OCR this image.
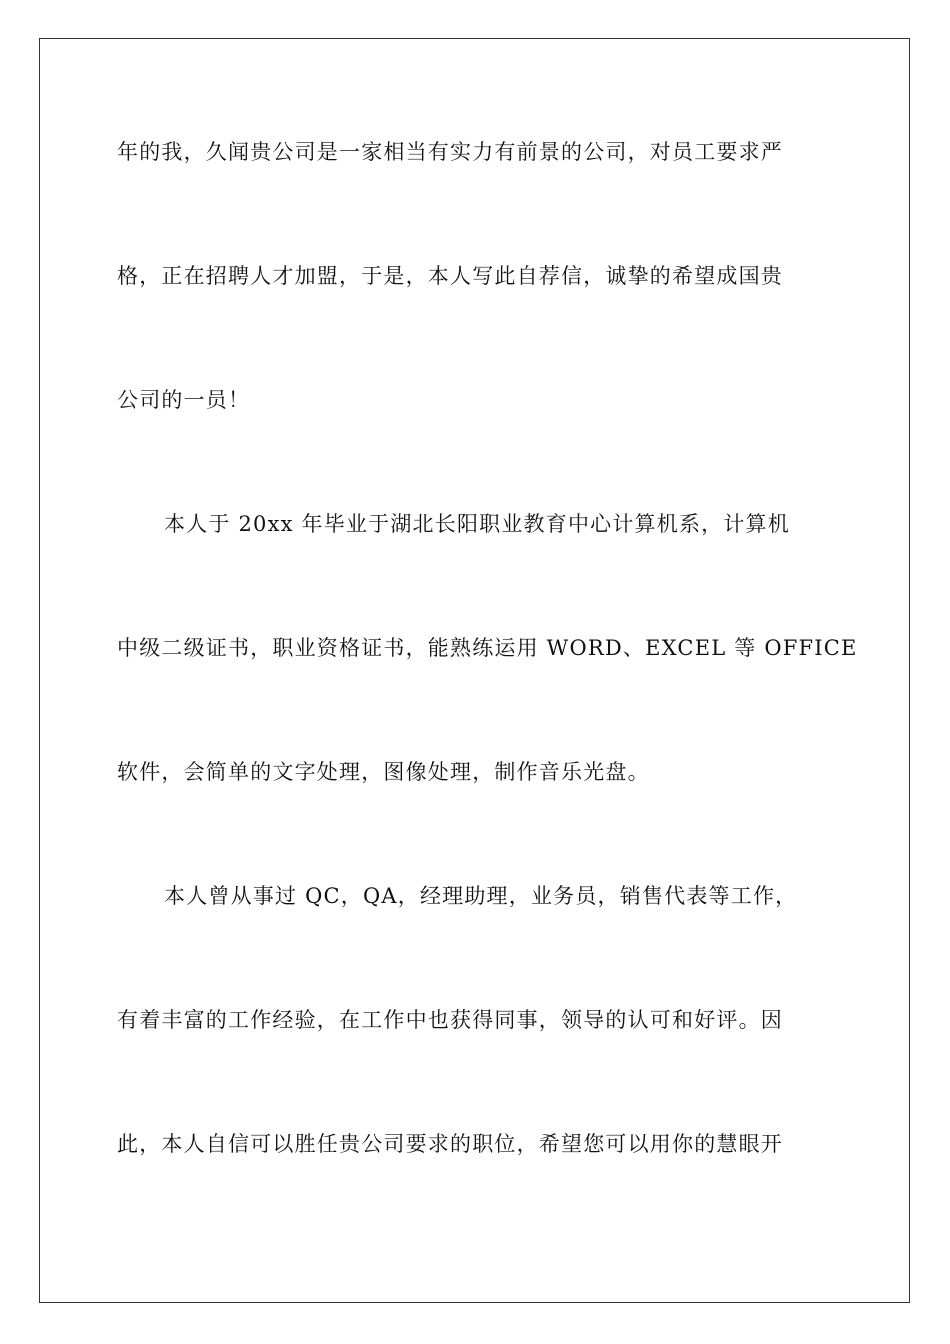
年的我，久闻贵公司是一家相当有实力有前景的公司，对员工要求严
格，正在招聘人才加盟，于是，本人写此自荐信，诚挚的希望成国贵
公司的一员！
本人于 20xx 年毕业于湖北长阳职业教育中心计算机系，计算机
中级二级证书，职业资格证书，能熟练运用 WORD、EXCEL 等 OFFICE
软件，会简单的文字处理，图像处理，制作音乐光盘。
本人曾从事过 QC，QA，经理助理，业务员，销售代表等工作，
有着丰富的工作经验，在工作中也获得同事，领导的认可和好评。因
此，本人自信可以胜任贵公司要求的职位，希望您可以用你的慧眼开
